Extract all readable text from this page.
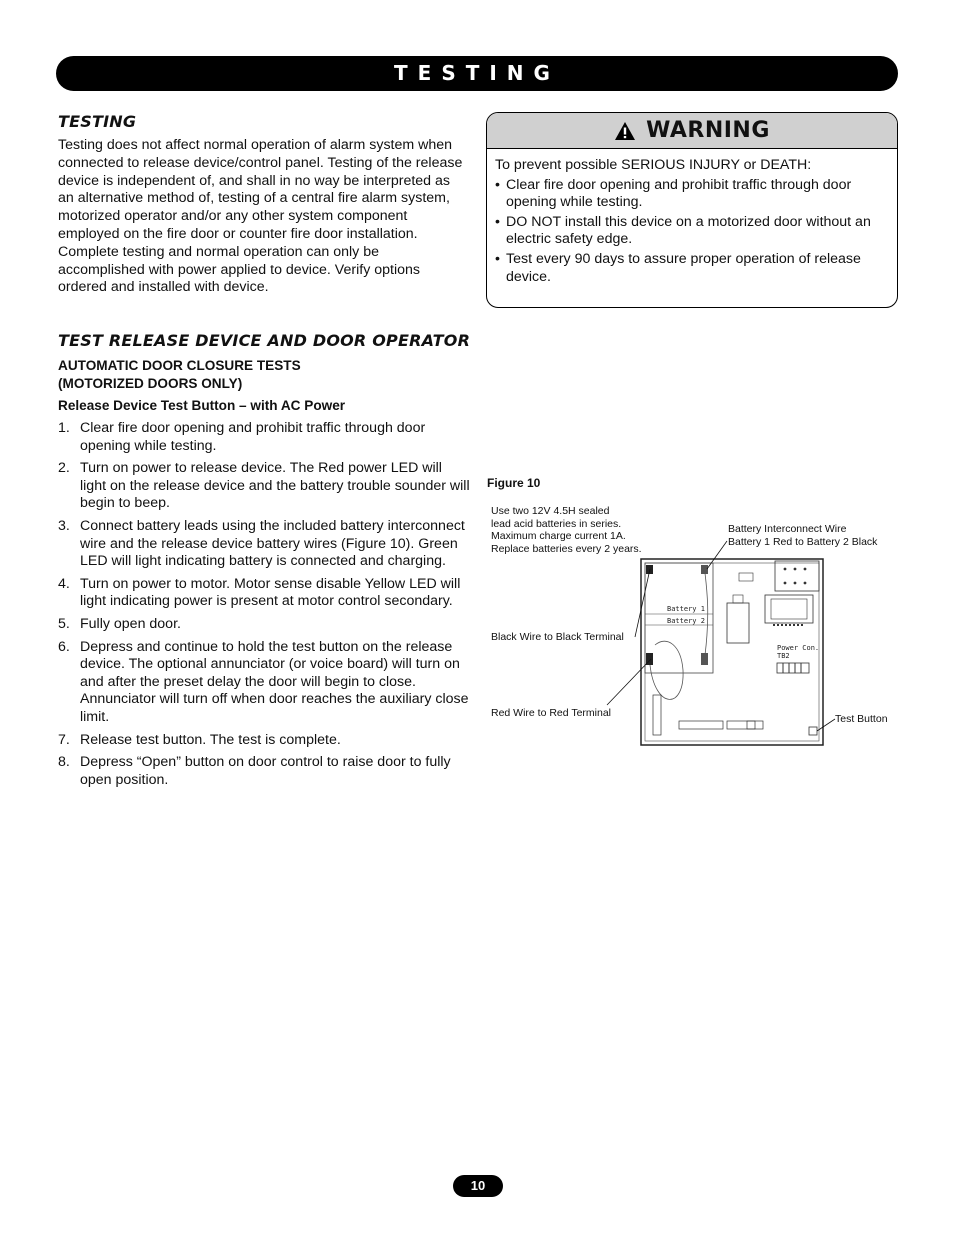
TESTING
TESTING
Testing does not affect normal operation of alarm system when connected to release device/control panel. Testing of the release device is independent of, and shall in no way be interpreted as an alternative method of, testing of a central fire alarm system, motorized operator and/or any other system component employed on the fire door or counter fire door installation. Complete testing and normal operation can only be accomplished with power applied to device. Verify options ordered and installed with device.
WARNING
To prevent possible SERIOUS INJURY or DEATH:
• Clear fire door opening and prohibit traffic through door opening while testing.
• DO NOT install this device on a motorized door without an electric safety edge.
• Test every 90 days to assure proper operation of release device.
TEST RELEASE DEVICE AND DOOR OPERATOR
AUTOMATIC DOOR CLOSURE TESTS
(MOTORIZED DOORS ONLY)
Release Device Test Button – with AC Power
1. Clear fire door opening and prohibit traffic through door opening while testing.
2. Turn on power to release device. The Red power LED will light on the release device and the battery trouble sounder will begin to beep.
3. Connect battery leads using the included battery interconnect wire and the release device battery wires (Figure 10). Green LED will light indicating battery is connected and charging.
4. Turn on power to motor. Motor sense disable Yellow LED will light indicating power is present at motor control secondary.
5. Fully open door.
6. Depress and continue to hold the test button on the release device. The optional annunciator (or voice board) will turn on and after the preset delay the door will begin to close. Annunciator will turn off when door reaches the auxiliary close limit.
7. Release test button. The test is complete.
8. Depress “Open” button on door control to raise door to fully open position.
Figure 10
Use two 12V 4.5H sealed
lead acid batteries in series.
Maximum charge current 1A.
Replace batteries every 2 years.
Battery Interconnect Wire
Battery 1 Red to Battery 2 Black
Black Wire to Black Terminal
Red Wire to Red Terminal	Test Button
Battery 1
Battery 2
Power Con.
TB2
10
